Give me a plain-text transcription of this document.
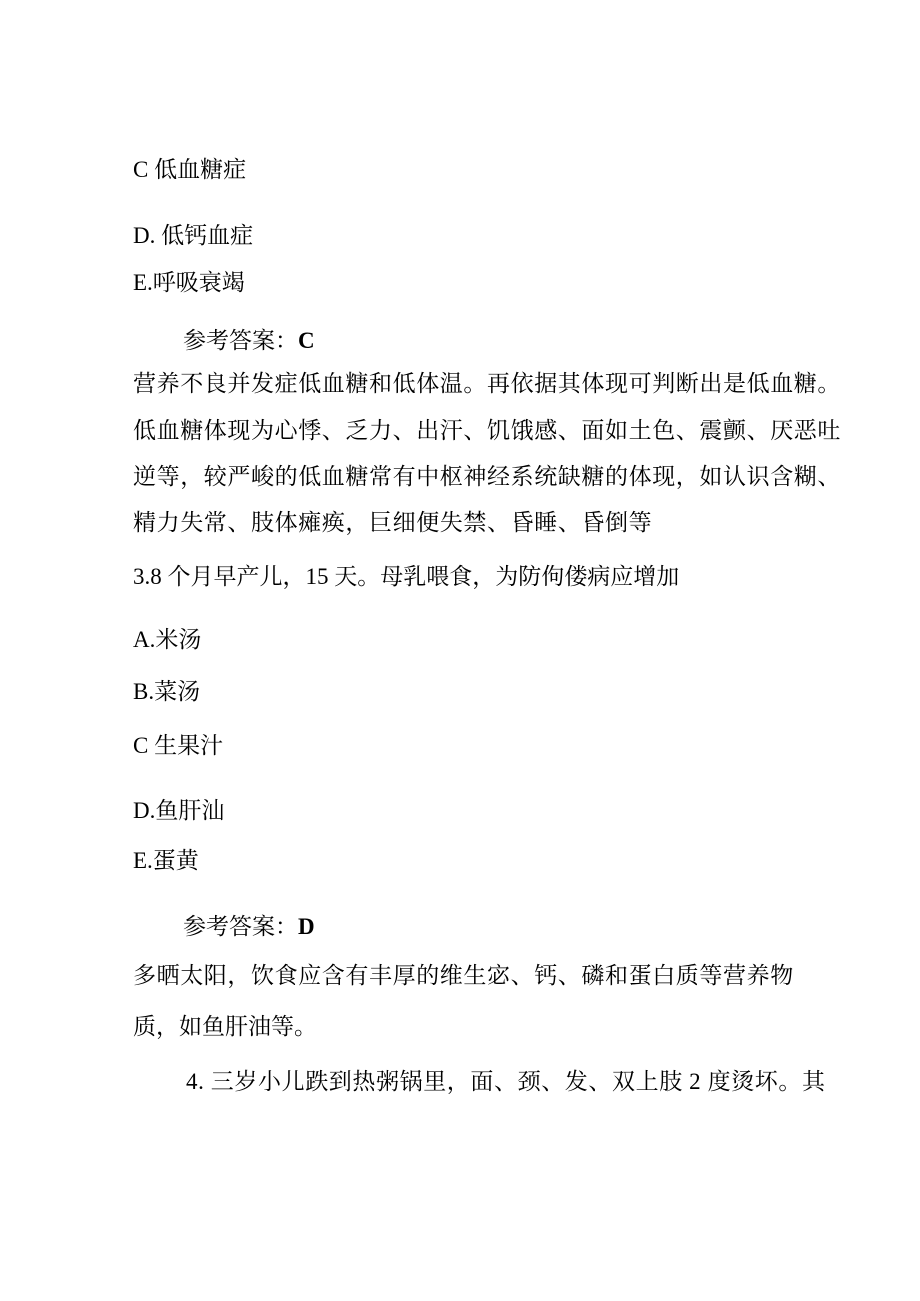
C 低血糖症
D. 低钙血症
E.呼吸衰竭
参考答案：C
营养不良并发症低血糖和低体温。再依据其体现可判断出是低血糖。
低血糖体现为心悸、乏力、出汗、饥饿感、面如土色、震颤、厌恶吐
逆等，较严峻的低血糖常有中枢神经系统缺糖的体现，如认识含糊、
精力失常、肢体瘫痪，巨细便失禁、昏睡、昏倒等
3.8 个月早产儿，15 天。母乳喂食，为防佝偻病应增加
A.米汤
B.菜汤
C 生果汁
D.鱼肝汕
E.蛋黄
参考答案：D
多晒太阳，饮食应含有丰厚的维生宓、钙、磷和蛋白质等营养物
质，如鱼肝油等。
4. 三岁小儿跌到热粥锅里，面、颈、发、双上肢 2 度烫坏。其
